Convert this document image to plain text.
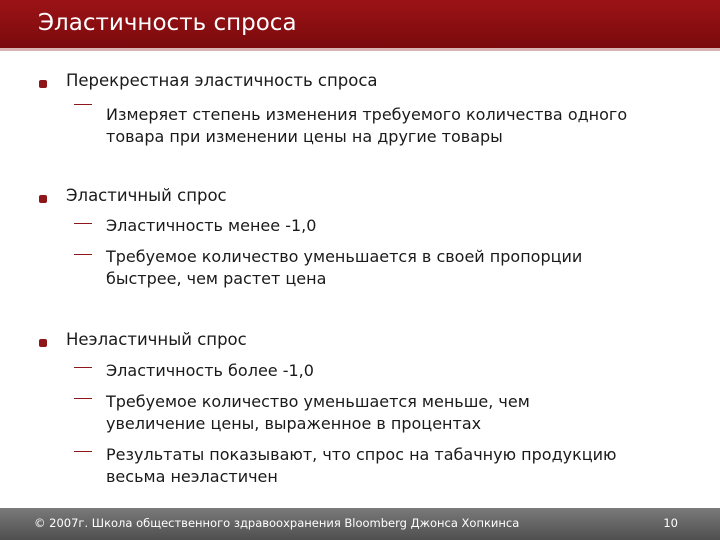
Эластичность спроса
Перекрестная эластичность спроса
Измеряет степень изменения требуемого количества одного товара при изменении цены на другие товары
Эластичный спрос
Эластичность менее -1,0
Требуемое количество уменьшается в своей пропорции быстрее, чем растет цена
Неэластичный спрос
Эластичность более -1,0
Требуемое количество уменьшается меньше, чем увеличение цены, выраженное в процентах
Результаты показывают, что спрос на табачную продукцию весьма неэластичен
© 2007г. Школа общественного здравоохранения Bloomberg Джонса Хопкинса	10
